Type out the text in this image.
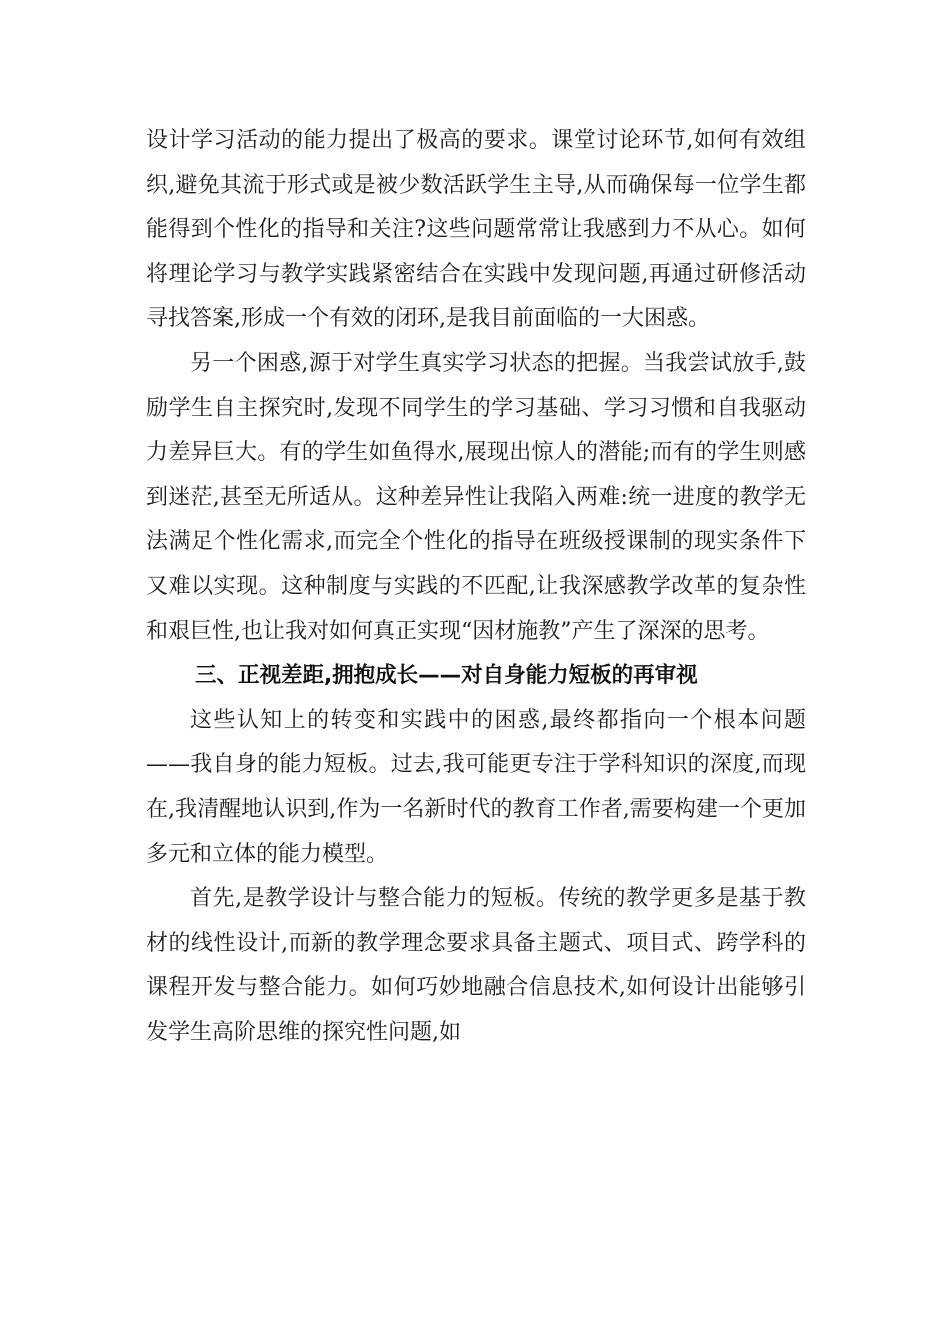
设计学习活动的能力提出了极高的要求。课堂讨论环节,如何有效组织,避免其流于形式或是被少数活跃学生主导,从而确保每一位学生都能得到个性化的指导和关注?这些问题常常让我感到力不从心。如何将理论学习与教学实践紧密结合在实践中发现问题,再通过研修活动寻找答案,形成一个有效的闭环,是我目前面临的一大困惑。

另一个困惑,源于对学生真实学习状态的把握。当我尝试放手,鼓励学生自主探究时,发现不同学生的学习基础、学习习惯和自我驱动力差异巨大。有的学生如鱼得水,展现出惊人的潜能;而有的学生则感到迷茫,甚至无所适从。这种差异性让我陷入两难:统一进度的教学无法满足个性化需求,而完全个性化的指导在班级授课制的现实条件下又难以实现。这种制度与实践的不匹配,让我深感教学改革的复杂性和艰巨性,也让我对如何真正实现“因材施教”产生了深深的思考。

三、正视差距,拥抱成长——对自身能力短板的再审视

这些认知上的转变和实践中的困惑,最终都指向一个根本问题——我自身的能力短板。过去,我可能更专注于学科知识的深度,而现在,我清醒地认识到,作为一名新时代的教育工作者,需要构建一个更加多元和立体的能力模型。

首先,是教学设计与整合能力的短板。传统的教学更多是基于教材的线性设计,而新的教学理念要求具备主题式、项目式、跨学科的课程开发与整合能力。如何巧妙地融合信息技术,如何设计出能够引发学生高阶思维的探究性问题,如
